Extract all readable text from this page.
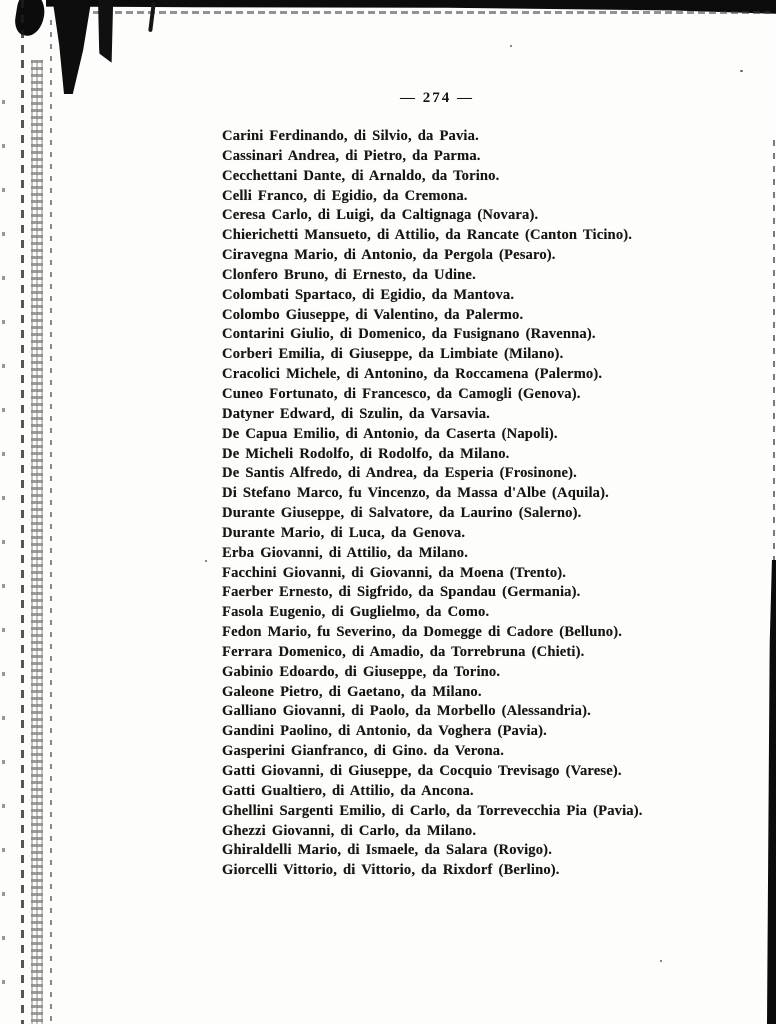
— 274 —
Carini Ferdinando, di Silvio, da Pavia.
Cassinari Andrea, di Pietro, da Parma.
Cecchettani Dante, di Arnaldo, da Torino.
Celli Franco, di Egidio, da Cremona.
Ceresa Carlo, di Luigi, da Caltignaga (Novara).
Chierichetti Mansueto, di Attilio, da Rancate (Canton Ticino).
Ciravegna Mario, di Antonio, da Pergola (Pesaro).
Clonfero Bruno, di Ernesto, da Udine.
Colombati Spartaco, di Egidio, da Mantova.
Colombo Giuseppe, di Valentino, da Palermo.
Contarini Giulio, di Domenico, da Fusignano (Ravenna).
Corberi Emilia, di Giuseppe, da Limbiate (Milano).
Cracolici Michele, di Antonino, da Roccamena (Palermo).
Cuneo Fortunato, di Francesco, da Camogli (Genova).
Datyner Edward, di Szulin, da Varsavia.
De Capua Emilio, di Antonio, da Caserta (Napoli).
De Micheli Rodolfo, di Rodolfo, da Milano.
De Santis Alfredo, di Andrea, da Esperia (Frosinone).
Di Stefano Marco, fu Vincenzo, da Massa d'Albe (Aquila).
Durante Giuseppe, di Salvatore, da Laurino (Salerno).
Durante Mario, di Luca, da Genova.
Erba Giovanni, di Attilio, da Milano.
Facchini Giovanni, di Giovanni, da Moena (Trento).
Faerber Ernesto, di Sigfrido, da Spandau (Germania).
Fasola Eugenio, di Guglielmo, da Como.
Fedon Mario, fu Severino, da Domegge di Cadore (Belluno).
Ferrara Domenico, di Amadio, da Torrebruna (Chieti).
Gabinio Edoardo, di Giuseppe, da Torino.
Galeone Pietro, di Gaetano, da Milano.
Galliano Giovanni, di Paolo, da Morbello (Alessandria).
Gandini Paolino, di Antonio, da Voghera (Pavia).
Gasperini Gianfranco, di Gino. da Verona.
Gatti Giovanni, di Giuseppe, da Cocquio Trevisago (Varese).
Gatti Gualtiero, di Attilio, da Ancona.
Ghellini Sargenti Emilio, di Carlo, da Torrevecchia Pia (Pavia).
Ghezzi Giovanni, di Carlo, da Milano.
Ghiraldelli Mario, di Ismaele, da Salara (Rovigo).
Giorcelli Vittorio, di Vittorio, da Rixdorf (Berlino).
